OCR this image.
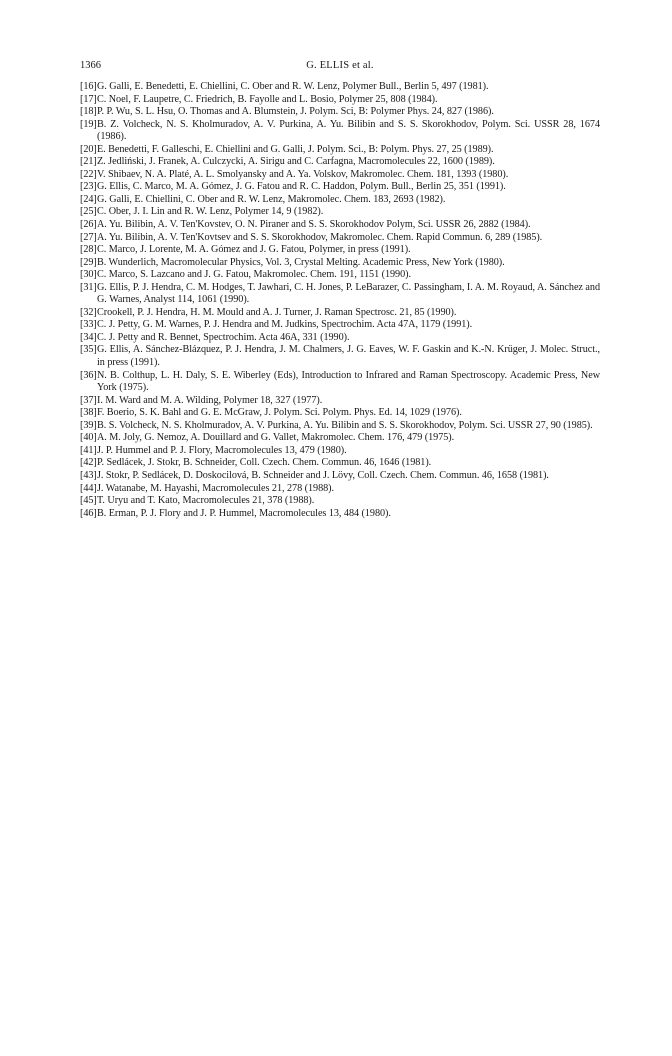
1366	G. ELLIS et al.
[16] G. Galli, E. Benedetti, E. Chiellini, C. Ober and R. W. Lenz, Polymer Bull., Berlin 5, 497 (1981).
[17] C. Noel, F. Laupetre, C. Friedrich, B. Fayolle and L. Bosio, Polymer 25, 808 (1984).
[18] P. P. Wu, S. L. Hsu, O. Thomas and A. Blumstein, J. Polym. Sci, B: Polymer Phys. 24, 827 (1986).
[19] B. Z. Volcheck, N. S. Kholmuradov, A. V. Purkina, A. Yu. Bilibin and S. S. Skorokhodov, Polym. Sci. USSR 28, 1674 (1986).
[20] E. Benedetti, F. Galleschi, E. Chiellini and G. Galli, J. Polym. Sci., B: Polym. Phys. 27, 25 (1989).
[21] Z. Jedliński, J. Franek, A. Culczycki, A. Sirigu and C. Carfagna, Macromolecules 22, 1600 (1989).
[22] V. Shibaev, N. A. Platé, A. L. Smolyansky and A. Ya. Volskov, Makromolec. Chem. 181, 1393 (1980).
[23] G. Ellis, C. Marco, M. A. Gómez, J. G. Fatou and R. C. Haddon, Polym. Bull., Berlin 25, 351 (1991).
[24] G. Galli, E. Chiellini, C. Ober and R. W. Lenz, Makromolec. Chem. 183, 2693 (1982).
[25] C. Ober, J. I. Lin and R. W. Lenz, Polymer 14, 9 (1982).
[26] A. Yu. Bilibin, A. V. Ten'Kovstev, O. N. Piraner and S. S. Skorokhodov Polym, Sci. USSR 26, 2882 (1984).
[27] A. Yu. Bilibin, A. V. Ten'Kovtsev and S. S. Skorokhodov, Makromolec. Chem. Rapid Commun. 6, 289 (1985).
[28] C. Marco, J. Lorente, M. A. Gómez and J. G. Fatou, Polymer, in press (1991).
[29] B. Wunderlich, Macromolecular Physics, Vol. 3, Crystal Melting. Academic Press, New York (1980).
[30] C. Marco, S. Lazcano and J. G. Fatou, Makromolec. Chem. 191, 1151 (1990).
[31] G. Ellis, P. J. Hendra, C. M. Hodges, T. Jawhari, C. H. Jones, P. LeBarazer, C. Passingham, I. A. M. Royaud, A. Sánchez and G. Warnes, Analyst 114, 1061 (1990).
[32] Crookell, P. J. Hendra, H. M. Mould and A. J. Turner, J. Raman Spectrosc. 21, 85 (1990).
[33] C. J. Petty, G. M. Warnes, P. J. Hendra and M. Judkins, Spectrochim. Acta 47A, 1179 (1991).
[34] C. J. Petty and R. Bennet, Spectrochim. Acta 46A, 331 (1990).
[35] G. Ellis, A. Sánchez-Blázquez, P. J. Hendra, J. M. Chalmers, J. G. Eaves, W. F. Gaskin and K.-N. Krüger, J. Molec. Struct., in press (1991).
[36] N. B. Colthup, L. H. Daly, S. E. Wiberley (Eds), Introduction to Infrared and Raman Spectroscopy. Academic Press, New York (1975).
[37] I. M. Ward and M. A. Wilding, Polymer 18, 327 (1977).
[38] F. Boerio, S. K. Bahl and G. E. McGraw, J. Polym. Sci. Polym. Phys. Ed. 14, 1029 (1976).
[39] B. S. Volcheck, N. S. Kholmuradov, A. V. Purkina, A. Yu. Bilibin and S. S. Skorokhodov, Polym. Sci. USSR 27, 90 (1985).
[40] A. M. Joly, G. Nemoz, A. Douillard and G. Vallet, Makromolec. Chem. 176, 479 (1975).
[41] J. P. Hummel and P. J. Flory, Macromolecules 13, 479 (1980).
[42] P. Sedlácek, J. Stokr, B. Schneider, Coll. Czech. Chem. Commun. 46, 1646 (1981).
[43] J. Stokr, P. Sedlácek, D. Doskocilová, B. Schneider and J. Lövy, Coll. Czech. Chem. Commun. 46, 1658 (1981).
[44] J. Watanabe, M. Hayashi, Macromolecules 21, 278 (1988).
[45] T. Uryu and T. Kato, Macromolecules 21, 378 (1988).
[46] B. Erman, P. J. Flory and J. P. Hummel, Macromolecules 13, 484 (1980).
